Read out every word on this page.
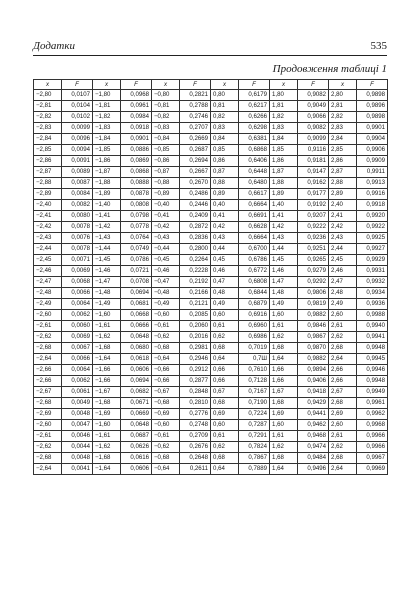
Додатки	535
Продовження таблиці 1
x	F	x	F	x	F	x	F	x	F	x	F
−2,80	0,0107	−1,80	0,0968	−0,80	0,2821	0,80	0,6179	1,80	0,9082	2,80	0,9898
−2,81	0,0104	−1,81	0,0961	−0,81	0,2788	0,81	0,6217	1,81	0,9049	2,81	0,9896
−2,82	0,0102	−1,82	0,0984	−0,82	0,2746	0,82	0,6266	1,82	0,9066	2,82	0,9898
−2,83	0,0099	−1,83	0,0918	−0,83	0,2707	0,83	0,6298	1,83	0,9082	2,83	0,9901
−2,84	0,0096	−1,84	0,0901	−0,84	0,2669	0,84	0,6381	1,84	0,9099	2,84	0,9904
−2,85	0,0094	−1,85	0,0886	−0,85	0,2687	0,85	0,6868	1,85	0,9116	2,85	0,9906
−2,86	0,0091	−1,86	0,0869	−0,86	0,2694	0,86	0,6406	1,86	0,9181	2,86	0,9909
−2,87	0,0089	−1,87	0,0868	−0,87	0,2667	0,87	0,6448	1,87	0,9147	2,87	0,9911
−2,88	0,0087	−1,88	0,0888	−0,88	0,2670	0,88	0,6480	1,88	0,9162	2,88	0,9913
−2,89	0,0084	−1,89	0,0878	−0,89	0,2486	0,89	0,6617	1,89	0,9177	2,89	0,9916
−2,40	0,0082	−1,40	0,0808	−0,40	0,2446	0,40	0,6664	1,40	0,9192	2,40	0,9918
−2,41	0,0080	−1,41	0,0798	−0,41	0,2409	0,41	0,6691	1,41	0,9207	2,41	0,9920
−2,42	0,0078	−1,42	0,0778	−0,42	0,2872	0,42	0,6628	1,42	0,9222	2,42	0,9922
−2,43	0,0076	−1,43	0,0764	−0,43	0,2836	0,43	0,6664	1,43	0,9236	2,43	0,9925
−2,44	0,0078	−1,44	0,0749	−0,44	0,2800	0,44	0,6700	1,44	0,9251	2,44	0,9927
−2,45	0,0071	−1,45	0,0786	−0,45	0,2264	0,45	0,6786	1,45	0,9265	2,45	0,9929
−2,46	0,0069	−1,46	0,0721	−0,46	0,2228	0,46	0,6772	1,46	0,9279	2,46	0,9931
−2,47	0,0068	−1,47	0,0708	−0,47	0,2192	0,47	0,6808	1,47	0,9292	2,47	0,9932
−2,48	0,0066	−1,48	0,0694	−0,48	0,2166	0,48	0,6844	1,48	0,9806	2,48	0,9934
−2,49	0,0064	−1,49	0,0681	−0,49	0,2121	0,49	0,6879	1,49	0,9819	2,49	0,9936
−2,60	0,0062	−1,60	0,0668	−0,60	0,2085	0,60	0,6916	1,60	0,9882	2,60	0,9988
−2,61	0,0060	−1,61	0,0666	−0,61	0,2060	0,61	0,6960	1,61	0,9846	2,61	0,9940
−2,62	0,0069	−1,62	0,0648	−0,62	0,2016	0,62	0,6986	1,62	0,9867	2,62	0,9941
−2,68	0,0067	−1,68	0,0680	−0,68	0,2981	0,68	0,7019	1,68	0,9870	2,68	0,9948
−2,64	0,0066	−1,64	0,0618	−0,64	0,2946	0,64	0,7Ш	1,64	0,9882	2,64	0,9945
−2,66	0,0064	−1,66	0,0606	−0,66	0,2912	0,66	0,7610	1,66	0,9894	2,66	0,9946
−2,66	0,0062	−1,66	0,0694	−0,66	0,2877	0,66	0,7128	1,66	0,9406	2,66	0,9948
−2,67	0,0061	−1,67	0,0682	−0,67	0,2848	0,67	0,7167	1,67	0,9418	2,67	0,9949
−2,68	0,0049	−1,68	0,0671	−0,68	0,2810	0,68	0,7190	1,68	0,9429	2,68	0,9961
−2,69	0,0048	−1,69	0,0669	−0,69	0,2776	0,69	0,7224	1,69	0,9441	2,69	0,9962
−2,60	0,0047	−1,60	0,0648	−0,60	0,2748	0,60	0,7287	1,60	0,9462	2,60	0,9968
−2,61	0,0046	−1,61	0,0687	−0,61	0,2709	0,61	0,7291	1,61	0,9468	2,61	0,9966
−2,62	0,0044	−1,62	0,0626	−0,62	0,2676	0,62	0,7824	1,62	0,9474	2,62	0,9966
−2,68	0,0048	−1,68	0,0616	−0,68	0,2648	0,68	0,7867	1,68	0,9484	2,68	0,9967
−2,64	0,0041	−1,64	0,0606	−0,64	0,2611	0,64	0,7889	1,64	0,9496	2,64	0,9969
